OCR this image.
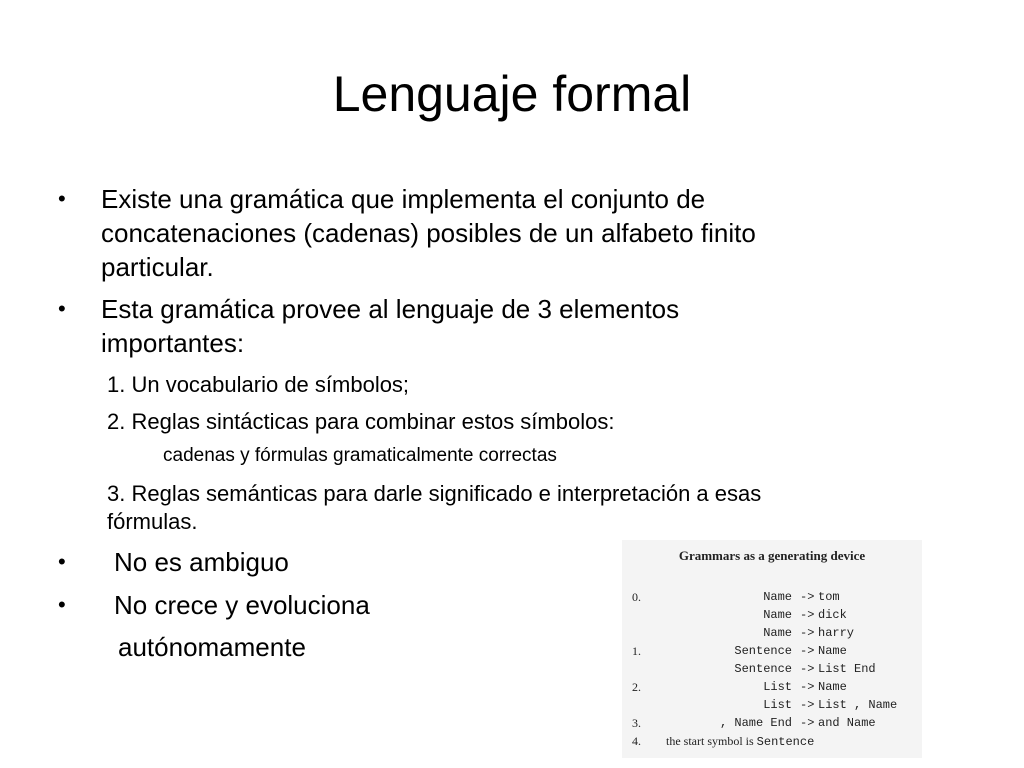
Lenguaje formal
• Existe una gramática que implementa el conjunto de
concatenaciones (cadenas) posibles de un alfabeto finito
particular.
• Esta gramática provee al lenguaje de 3 elementos
importantes:
1. Un vocabulario de símbolos;
2. Reglas sintácticas para combinar estos símbolos:
cadenas y fórmulas gramaticalmente correctas
3. Reglas semánticas para darle significado e interpretación a esas
fórmulas.
• No es ambiguo
• No crece y evoluciona
autónomamente
Grammars as a generating device
0.	Name -> tom
Name -> dick
Name -> harry
1.	Sentence -> Name
Sentence -> List End
2.	List -> Name
List -> List , Name
3.	, Name End -> and Name
4. the start symbol is Sentence
